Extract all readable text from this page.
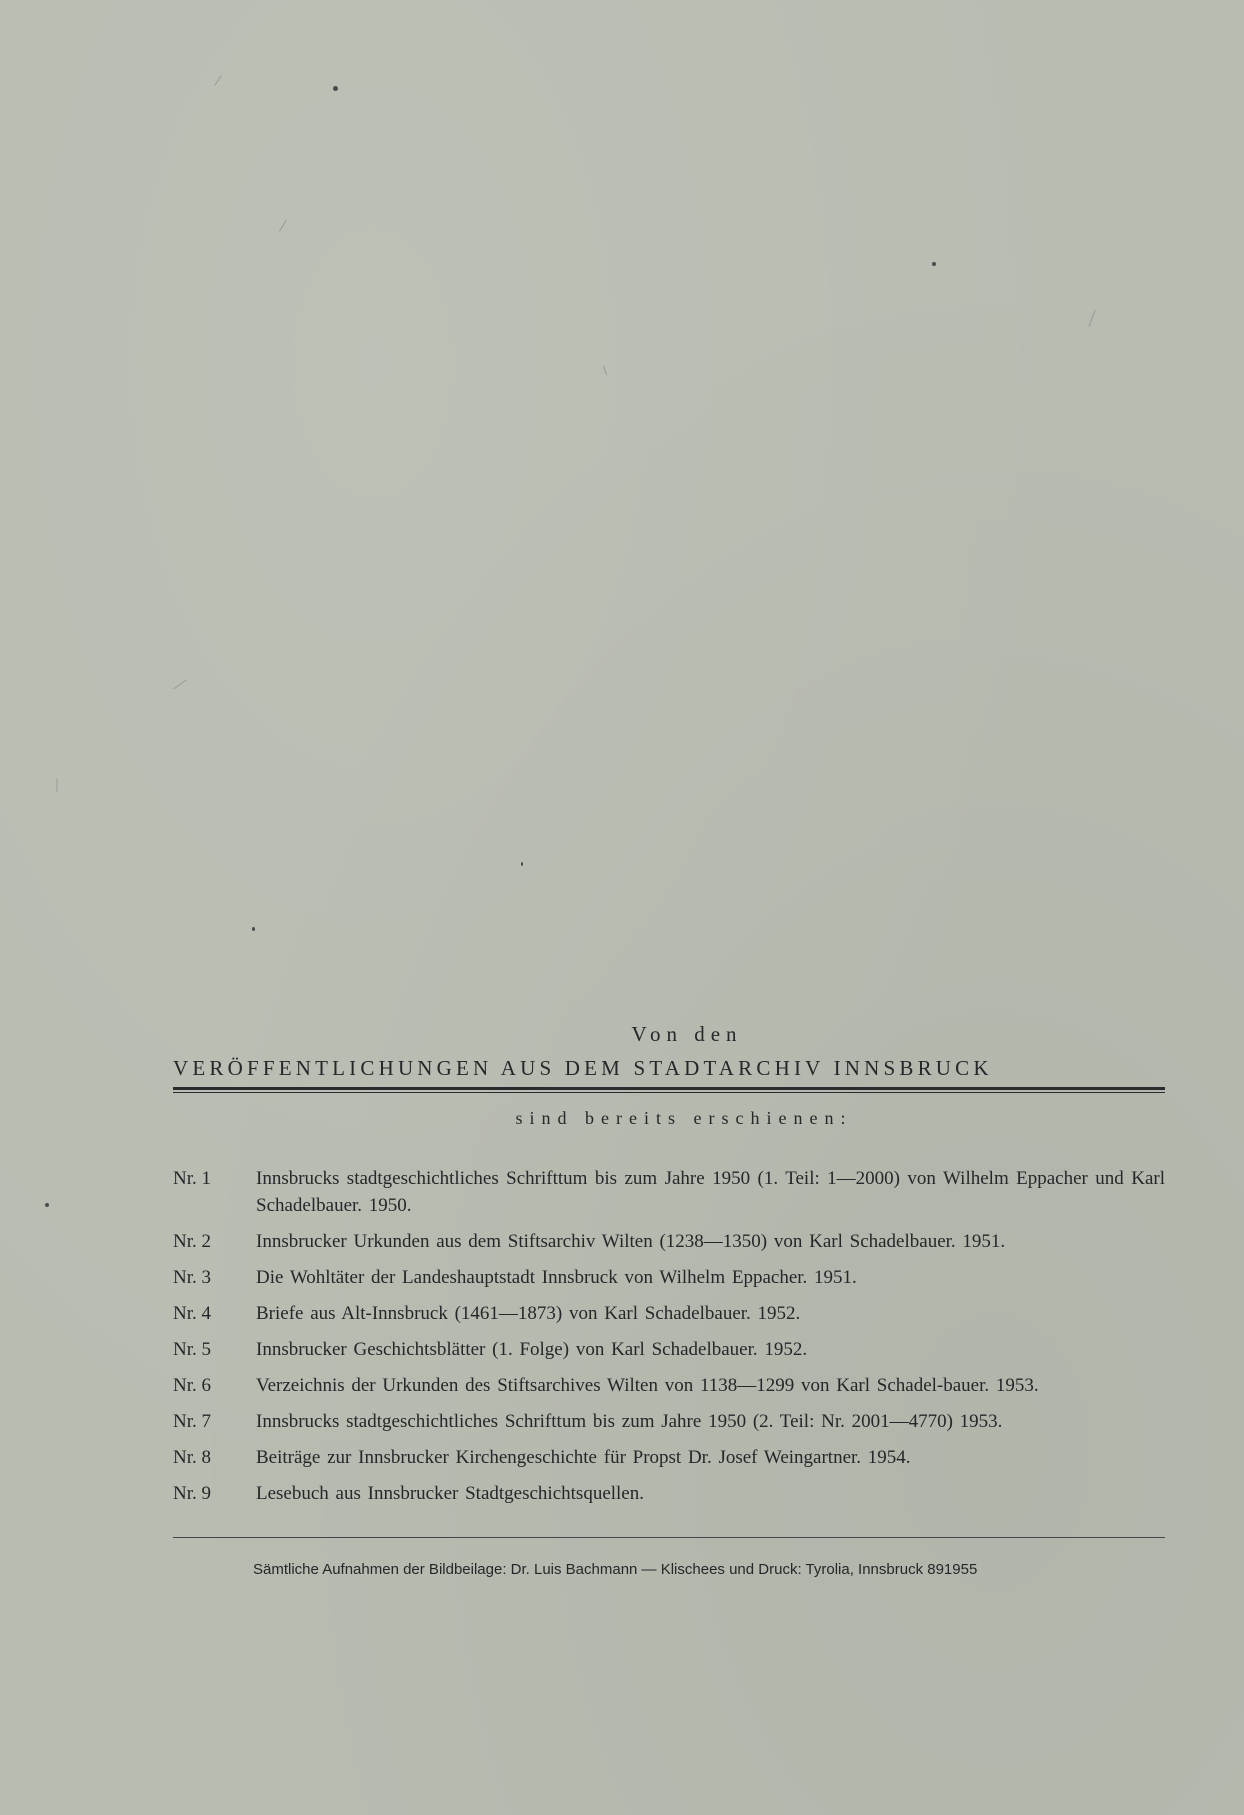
Von den
VERÖFFENTLICHUNGEN AUS DEM STADTARCHIV INNSBRUCK
sind bereits erschienen:
Nr. 1	Innsbrucks stadtgeschichtliches Schrifttum bis zum Jahre 1950 (1. Teil: 1—2000) von Wilhelm Eppacher und Karl Schadelbauer. 1950.
Nr. 2	Innsbrucker Urkunden aus dem Stiftsarchiv Wilten (1238—1350) von Karl Schadelbauer. 1951.
Nr. 3	Die Wohltäter der Landeshauptstadt Innsbruck von Wilhelm Eppacher. 1951.
Nr. 4	Briefe aus Alt-Innsbruck (1461—1873) von Karl Schadelbauer. 1952.
Nr. 5	Innsbrucker Geschichtsblätter (1. Folge) von Karl Schadelbauer. 1952.
Nr. 6	Verzeichnis der Urkunden des Stiftsarchives Wilten von 1138—1299 von Karl Schadel-bauer. 1953.
Nr. 7	Innsbrucks stadtgeschichtliches Schrifttum bis zum Jahre 1950 (2. Teil: Nr. 2001—4770) 1953.
Nr. 8	Beiträge zur Innsbrucker Kirchengeschichte für Propst Dr. Josef Weingartner. 1954.
Nr. 9	Lesebuch aus Innsbrucker Stadtgeschichtsquellen.
Sämtliche Aufnahmen der Bildbeilage: Dr. Luis Bachmann — Klischees und Druck: Tyrolia, Innsbruck 891955
